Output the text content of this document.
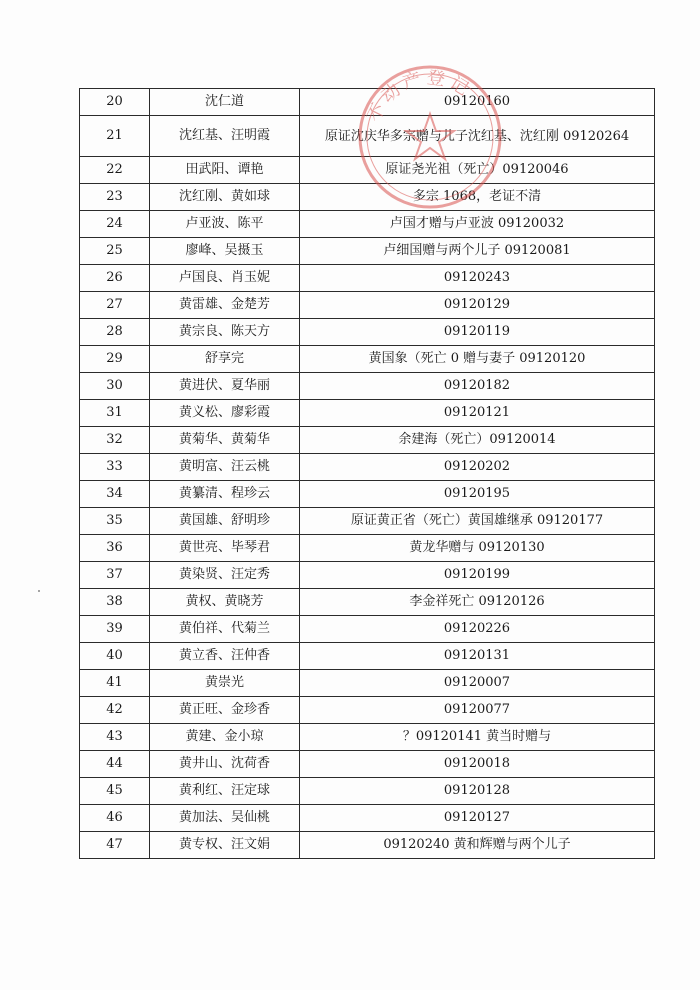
20	沈仁道	09120160
21	沈红基、汪明霞	原证沈庆华多宗赠与儿子沈红基、沈红刚 09120264
22	田武阳、谭艳	原证尧光祖（死亡）09120046
23	沈红刚、黄如球	多宗 1068，老证不清
24	卢亚波、陈平	卢国才赠与卢亚波 09120032
25	廖峰、吴摄玉	卢细国赠与两个儿子 09120081
26	卢国良、肖玉妮	09120243
27	黄雷雄、金楚芳	09120129
28	黄宗良、陈天方	09120119
29	舒享完	黄国象（死亡 0 赠与妻子 09120120
30	黄进伏、夏华丽	09120182
31	黄义松、廖彩霞	09120121
32	黄菊华、黄菊华	余建海（死亡）09120014
33	黄明富、汪云桃	09120202
34	黄纂清、程珍云	09120195
35	黄国雄、舒明珍	原证黄正省（死亡）黄国雄继承 09120177
36	黄世亮、毕琴君	黄龙华赠与 09120130
37	黄染贤、汪定秀	09120199
38	黄权、黄晓芳	李金祥死亡 09120126
39	黄伯祥、代菊兰	09120226
40	黄立香、汪仲香	09120131
41	黄崇光	09120007
42	黄正旺、金珍香	09120077
43	黄建、金小琼	？09120141 黄当时赠与
44	黄井山、沈荷香	09120018
45	黄利红、汪定球	09120128
46	黄加法、吴仙桃	09120127
47	黄专权、汪文娟	09120240 黄和辉赠与两个儿子
不动产登记
